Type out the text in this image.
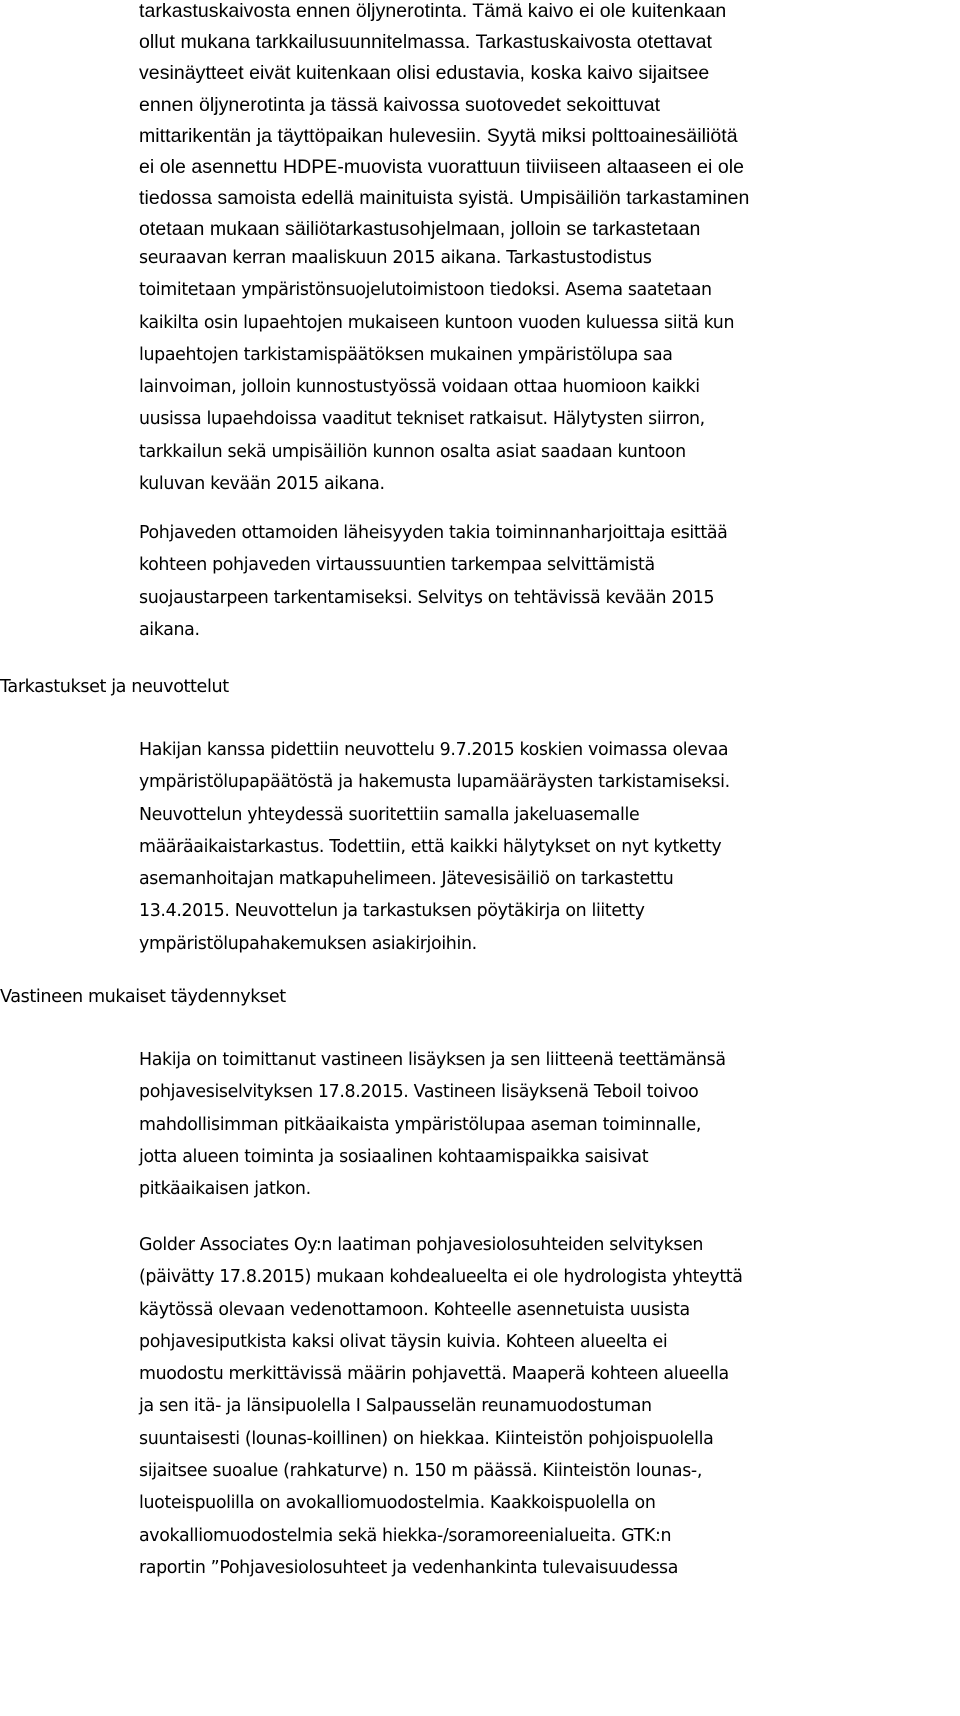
tarkastuskaivosta ennen öljynerotinta. Tämä kaivo ei ole kuitenkaan
ollut mukana tarkkailusuunnitelmassa. Tarkastuskaivosta otettavat
vesinäytteet eivät kuitenkaan olisi edustavia, koska kaivo sijaitsee
ennen öljynerotinta ja tässä kaivossa suotovedet sekoittuvat
mittarikentän ja täyttöpaikan hulevesiin. Syytä miksi polttoainesäiliötä
ei ole asennettu HDPE-muovista vuorattuun tiiviiseen altaaseen ei ole
tiedossa samoista edellä mainituista syistä. Umpisäiliön tarkastaminen
otetaan mukaan säiliötarkastusohjelmaan, jolloin se tarkastetaan
seuraavan kerran maaliskuun 2015 aikana. Tarkastustodistus
toimitetaan ympäristönsuojelutoimistoon tiedoksi. Asema saatetaan
kaikilta osin lupaehtojen mukaiseen kuntoon vuoden kuluessa siitä kun
lupaehtojen tarkistamispäätöksen mukainen ympäristölupa saa
lainvoiman, jolloin kunnostustyössä voidaan ottaa huomioon kaikki
uusissa lupaehdoissa vaaditut tekniset ratkaisut. Hälytysten siirron,
tarkkailun sekä umpisäiliön kunnon osalta asiat saadaan kuntoon
kuluvan kevään 2015 aikana.
Pohjaveden ottamoiden läheisyyden takia toiminnanharjoittaja esittää
kohteen pohjaveden virtaussuuntien tarkempaa selvittämistä
suojaustarpeen tarkentamiseksi. Selvitys on tehtävissä kevään 2015
aikana.
Tarkastukset ja neuvottelut
Hakijan kanssa pidettiin neuvottelu 9.7.2015 koskien voimassa olevaa
ympäristölupapäätöstä ja hakemusta lupamääräysten tarkistamiseksi.
Neuvottelun yhteydessä suoritettiin samalla jakeluasemalle
määräaikaistarkastus. Todettiin, että kaikki hälytykset on nyt kytketty
asemanhoitajan matkapuhelimeen. Jätevesisäiliö on tarkastettu
13.4.2015. Neuvottelun ja tarkastuksen pöytäkirja on liitetty
ympäristölupahakemuksen asiakirjoihin.
Vastineen mukaiset täydennykset
Hakija on toimittanut vastineen lisäyksen ja sen liitteenä teettämänsä
pohjavesiselvityksen 17.8.2015. Vastineen lisäyksenä Teboil toivoo
mahdollisimman pitkäaikaista ympäristölupaa aseman toiminnalle,
jotta alueen toiminta ja sosiaalinen kohtaamispaikka saisivat
pitkäaikaisen jatkon.
Golder Associates Oy:n laatiman pohjavesiolosuhteiden selvityksen
(päivätty 17.8.2015) mukaan kohdealueelta ei ole hydrologista yhteyttä
käytössä olevaan vedenottamoon. Kohteelle asennetuista uusista
pohjavesiputkista kaksi olivat täysin kuivia. Kohteen alueelta ei
muodostu merkittävissä määrin pohjavettä. Maaperä kohteen alueella
ja sen itä- ja länsipuolella I Salpausselän reunamuodostuman
suuntaisesti (lounas-koillinen) on hiekkaa. Kiinteistön pohjoispuolella
sijaitsee suoalue (rahkaturve) n. 150 m päässä. Kiinteistön lounas-,
luoteispuolilla on avokalliomuodostelmia. Kaakkoispuolella on
avokalliomuodostelmia sekä hiekka-/soramoreenialueita. GTK:n
raportin ”Pohjavesiolosuhteet ja vedenhankinta tulevaisuudessa
